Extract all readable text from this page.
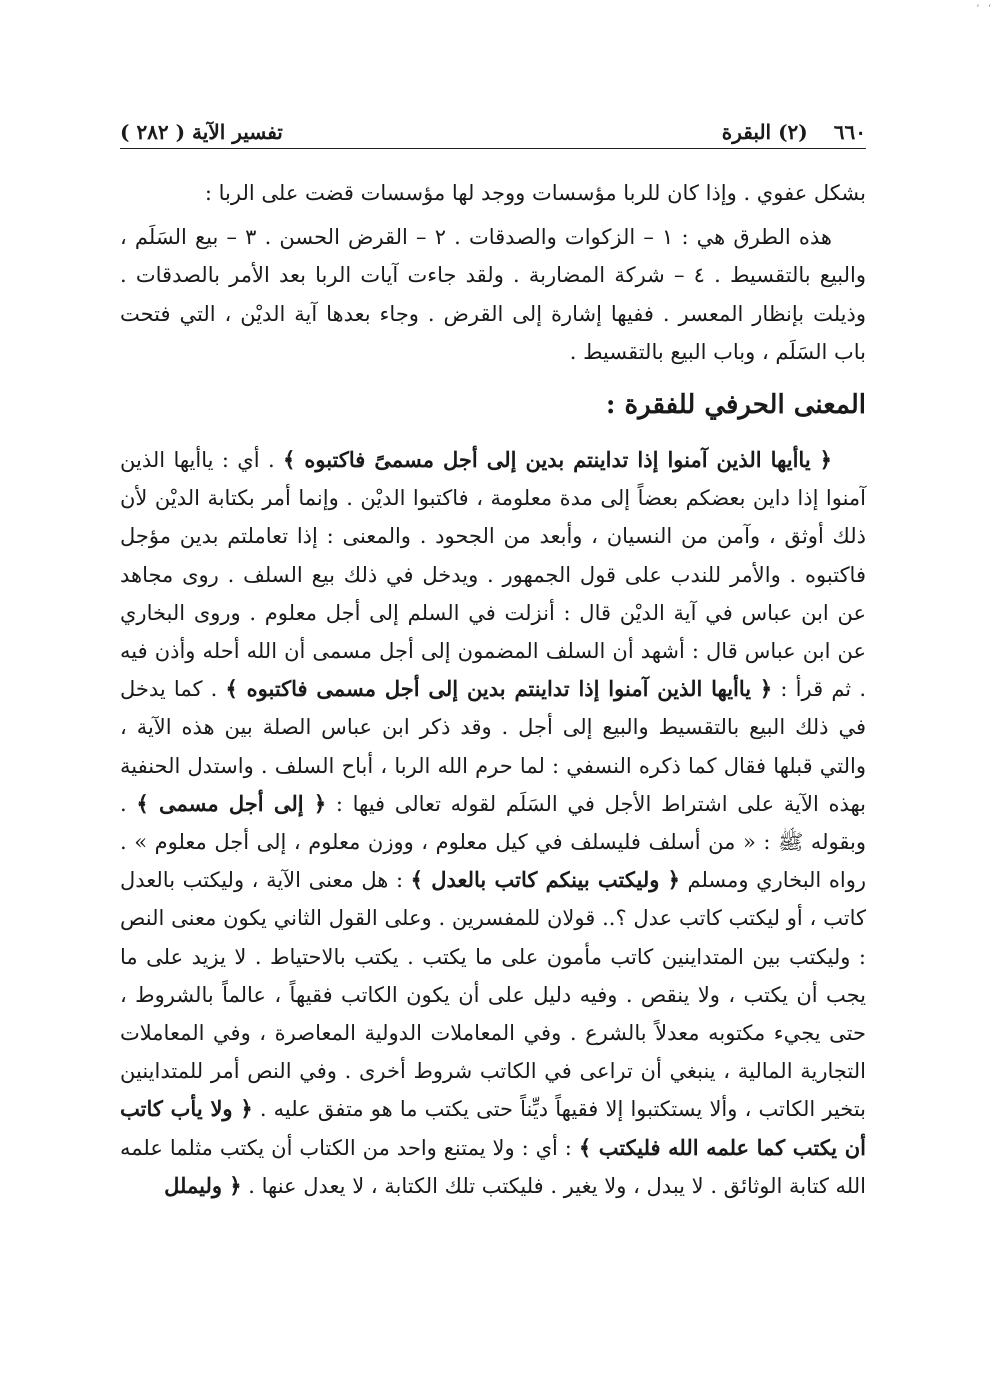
ʻ ʻ
٦٦٠
(٢) البقرة
تفسير الآية ( ٢٨٢ )

بشكل عفوي . وإذا كان للربا مؤسسات ووجد لها مؤسسات قضت على الربا :

هذه الطرق هي : ١ – الزكوات والصدقات . ٢ – القرض الحسن . ٣ – بيع السَلَم ، والبيع بالتقسيط . ٤ – شركة المضاربة . ولقد جاءت آيات الربا بعد الأمر بالصدقات . وذيلت بإنظار المعسر . ففيها إشارة إلى القرض . وجاء بعدها آية الديْن ، التي فتحت باب السَلَم ، وباب البيع بالتقسيط .

المعنى الحرفي للفقرة :

﴿ ياأيها الذين آمنوا إذا تداينتم بدين إلى أجل مسمىً فاكتبوه ﴾ . أي : ياأيها الذين آمنوا إذا داين بعضكم بعضاً إلى مدة معلومة ، فاكتبوا الديْن . وإنما أمر بكتابة الديْن لأن ذلك أوثق ، وآمن من النسيان ، وأبعد من الجحود . والمعنى : إذا تعاملتم بدين مؤجل فاكتبوه . والأمر للندب على قول الجمهور . ويدخل في ذلك بيع السلف . روى مجاهد عن ابن عباس في آية الديْن قال : أنزلت في السلم إلى أجل معلوم . وروى البخاري عن ابن عباس قال : أشهد أن السلف المضمون إلى أجل مسمى أن الله أحله وأذن فيه . ثم قرأ : ﴿ ياأيها الذين آمنوا إذا تداينتم بدين إلى أجل مسمى فاكتبوه ﴾ . كما يدخل في ذلك البيع بالتقسيط والبيع إلى أجل . وقد ذكر ابن عباس الصلة بين هذه الآية ، والتي قبلها فقال كما ذكره النسفي : لما حرم الله الربا ، أباح السلف . واستدل الحنفية بهذه الآية على اشتراط الأجل في السَلَم لقوله تعالى فيها : ﴿ إلى أجل مسمى ﴾ . وبقوله ﷺ : « من أسلف فليسلف في كيل معلوم ، ووزن معلوم ، إلى أجل معلوم » . رواه البخاري ومسلم ﴿ وليكتب بينكم كاتب بالعدل ﴾ : هل معنى الآية ، وليكتب بالعدل كاتب ، أو ليكتب كاتب عدل ؟.. قولان للمفسرين . وعلى القول الثاني يكون معنى النص : وليكتب بين المتداينين كاتب مأمون على ما يكتب . يكتب بالاحتياط . لا يزيد على ما يجب أن يكتب ، ولا ينقص . وفيه دليل على أن يكون الكاتب فقيهاً ، عالماً بالشروط ، حتى يجيء مكتوبه معدلاً بالشرع . وفي المعاملات الدولية المعاصرة ، وفي المعاملات التجارية المالية ، ينبغي أن تراعى في الكاتب شروط أخرى . وفي النص أمر للمتداينين بتخير الكاتب ، وألا يستكتبوا إلا فقيهاً ديِّناً حتى يكتب ما هو متفق عليه . ﴿ ولا يأب كاتب أن يكتب كما علمه الله فليكتب ﴾ : أي : ولا يمتنع واحد من الكتاب أن يكتب مثلما علمه الله كتابة الوثائق . لا يبدل ، ولا يغير . فليكتب تلك الكتابة ، لا يعدل عنها . ﴿ وليملل
